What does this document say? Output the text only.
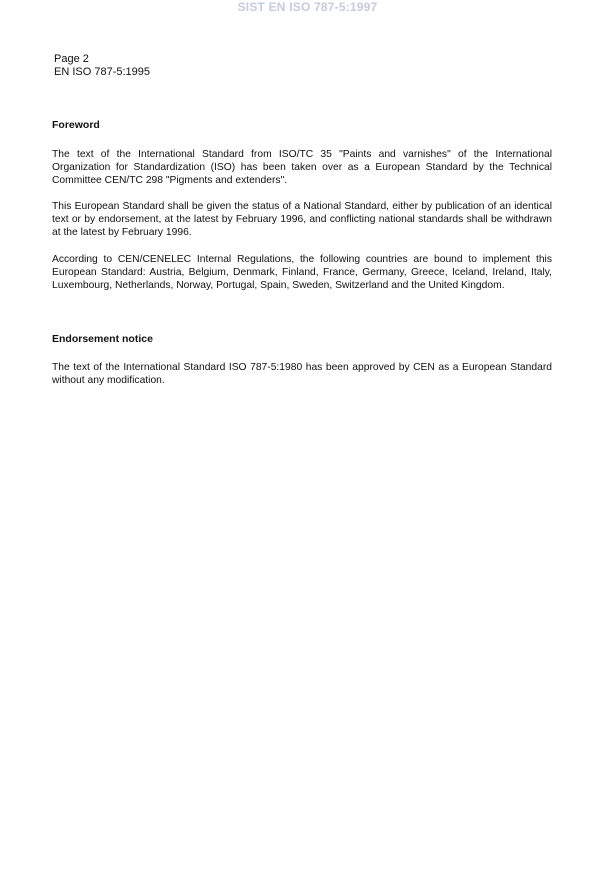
SIST EN ISO 787-5:1997
Page 2
EN ISO 787-5:1995
Foreword

The text of the International Standard from ISO/TC 35 "Paints and varnishes" of the International Organization for Standardization (ISO) has been taken over as a European Standard by the Technical Committee CEN/TC 298 "Pigments and extenders".

This European Standard shall be given the status of a National Standard, either by publication of an identical text or by endorsement, at the latest by February 1996, and conflicting national standards shall be withdrawn at the latest by February 1996.

According to CEN/CENELEC Internal Regulations, the following countries are bound to implement this European Standard: Austria, Belgium, Denmark, Finland, France, Germany, Greece, Iceland, Ireland, Italy, Luxembourg, Netherlands, Norway, Portugal, Spain, Sweden, Switzerland and the United Kingdom.

Endorsement notice

The text of the International Standard ISO 787-5:1980 has been approved by CEN as a European Standard without any modification.
